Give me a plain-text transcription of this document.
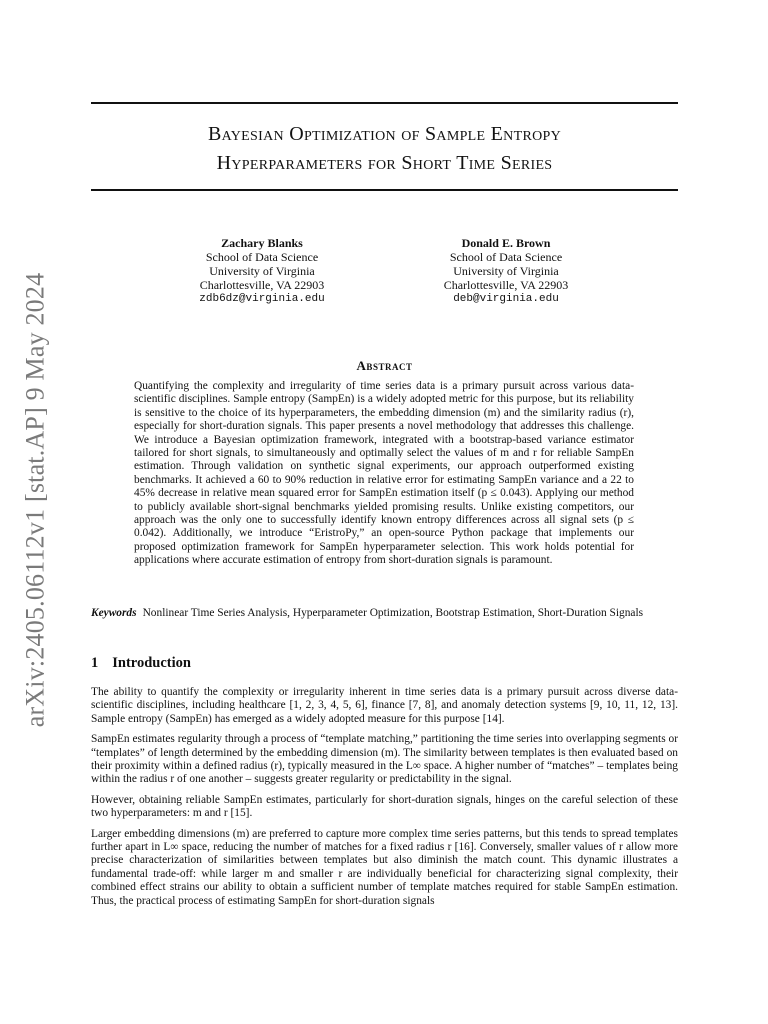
arXiv:2405.06112v1 [stat.AP] 9 May 2024
Bayesian Optimization of Sample Entropy
Hyperparameters for Short Time Series
Zachary Blanks
School of Data Science
University of Virginia
Charlottesville, VA 22903
zdb6dz@virginia.edu
Donald E. Brown
School of Data Science
University of Virginia
Charlottesville, VA 22903
deb@virginia.edu
Abstract

Quantifying the complexity and irregularity of time series data is a primary pursuit across various data-scientific disciplines. Sample entropy (SampEn) is a widely adopted metric for this purpose, but its reliability is sensitive to the choice of its hyperparameters, the embedding dimension (m) and the similarity radius (r), especially for short-duration signals. This paper presents a novel methodology that addresses this challenge. We introduce a Bayesian optimization framework, integrated with a bootstrap-based variance estimator tailored for short signals, to simultaneously and optimally select the values of m and r for reliable SampEn estimation. Through validation on synthetic signal experiments, our approach outperformed existing benchmarks. It achieved a 60 to 90% reduction in relative error for estimating SampEn variance and a 22 to 45% decrease in relative mean squared error for SampEn estimation itself (p ≤ 0.043). Applying our method to publicly available short-signal benchmarks yielded promising results. Unlike existing competitors, our approach was the only one to successfully identify known entropy differences across all signal sets (p ≤ 0.042). Additionally, we introduce “EristroPy,” an open-source Python package that implements our proposed optimization framework for SampEn hyperparameter selection. This work holds potential for applications where accurate estimation of entropy from short-duration signals is paramount.

Keywords Nonlinear Time Series Analysis, Hyperparameter Optimization, Bootstrap Estimation, Short-Duration Signals

1 Introduction

The ability to quantify the complexity or irregularity inherent in time series data is a primary pursuit across diverse data-scientific disciplines, including healthcare [1, 2, 3, 4, 5, 6], finance [7, 8], and anomaly detection systems [9, 10, 11, 12, 13]. Sample entropy (SampEn) has emerged as a widely adopted measure for this purpose [14].

SampEn estimates regularity through a process of “template matching,” partitioning the time series into overlapping segments or “templates” of length determined by the embedding dimension (m). The similarity between templates is then evaluated based on their proximity within a defined radius (r), typically measured in the L∞ space. A higher number of “matches” – templates being within the radius r of one another – suggests greater regularity or predictability in the signal.

However, obtaining reliable SampEn estimates, particularly for short-duration signals, hinges on the careful selection of these two hyperparameters: m and r [15].

Larger embedding dimensions (m) are preferred to capture more complex time series patterns, but this tends to spread templates further apart in L∞ space, reducing the number of matches for a fixed radius r [16]. Conversely, smaller values of r allow more precise characterization of similarities between templates but also diminish the match count. This dynamic illustrates a fundamental trade-off: while larger m and smaller r are individually beneficial for characterizing signal complexity, their combined effect strains our ability to obtain a sufficient number of template matches required for stable SampEn estimation. Thus, the practical process of estimating SampEn for short-duration signals
